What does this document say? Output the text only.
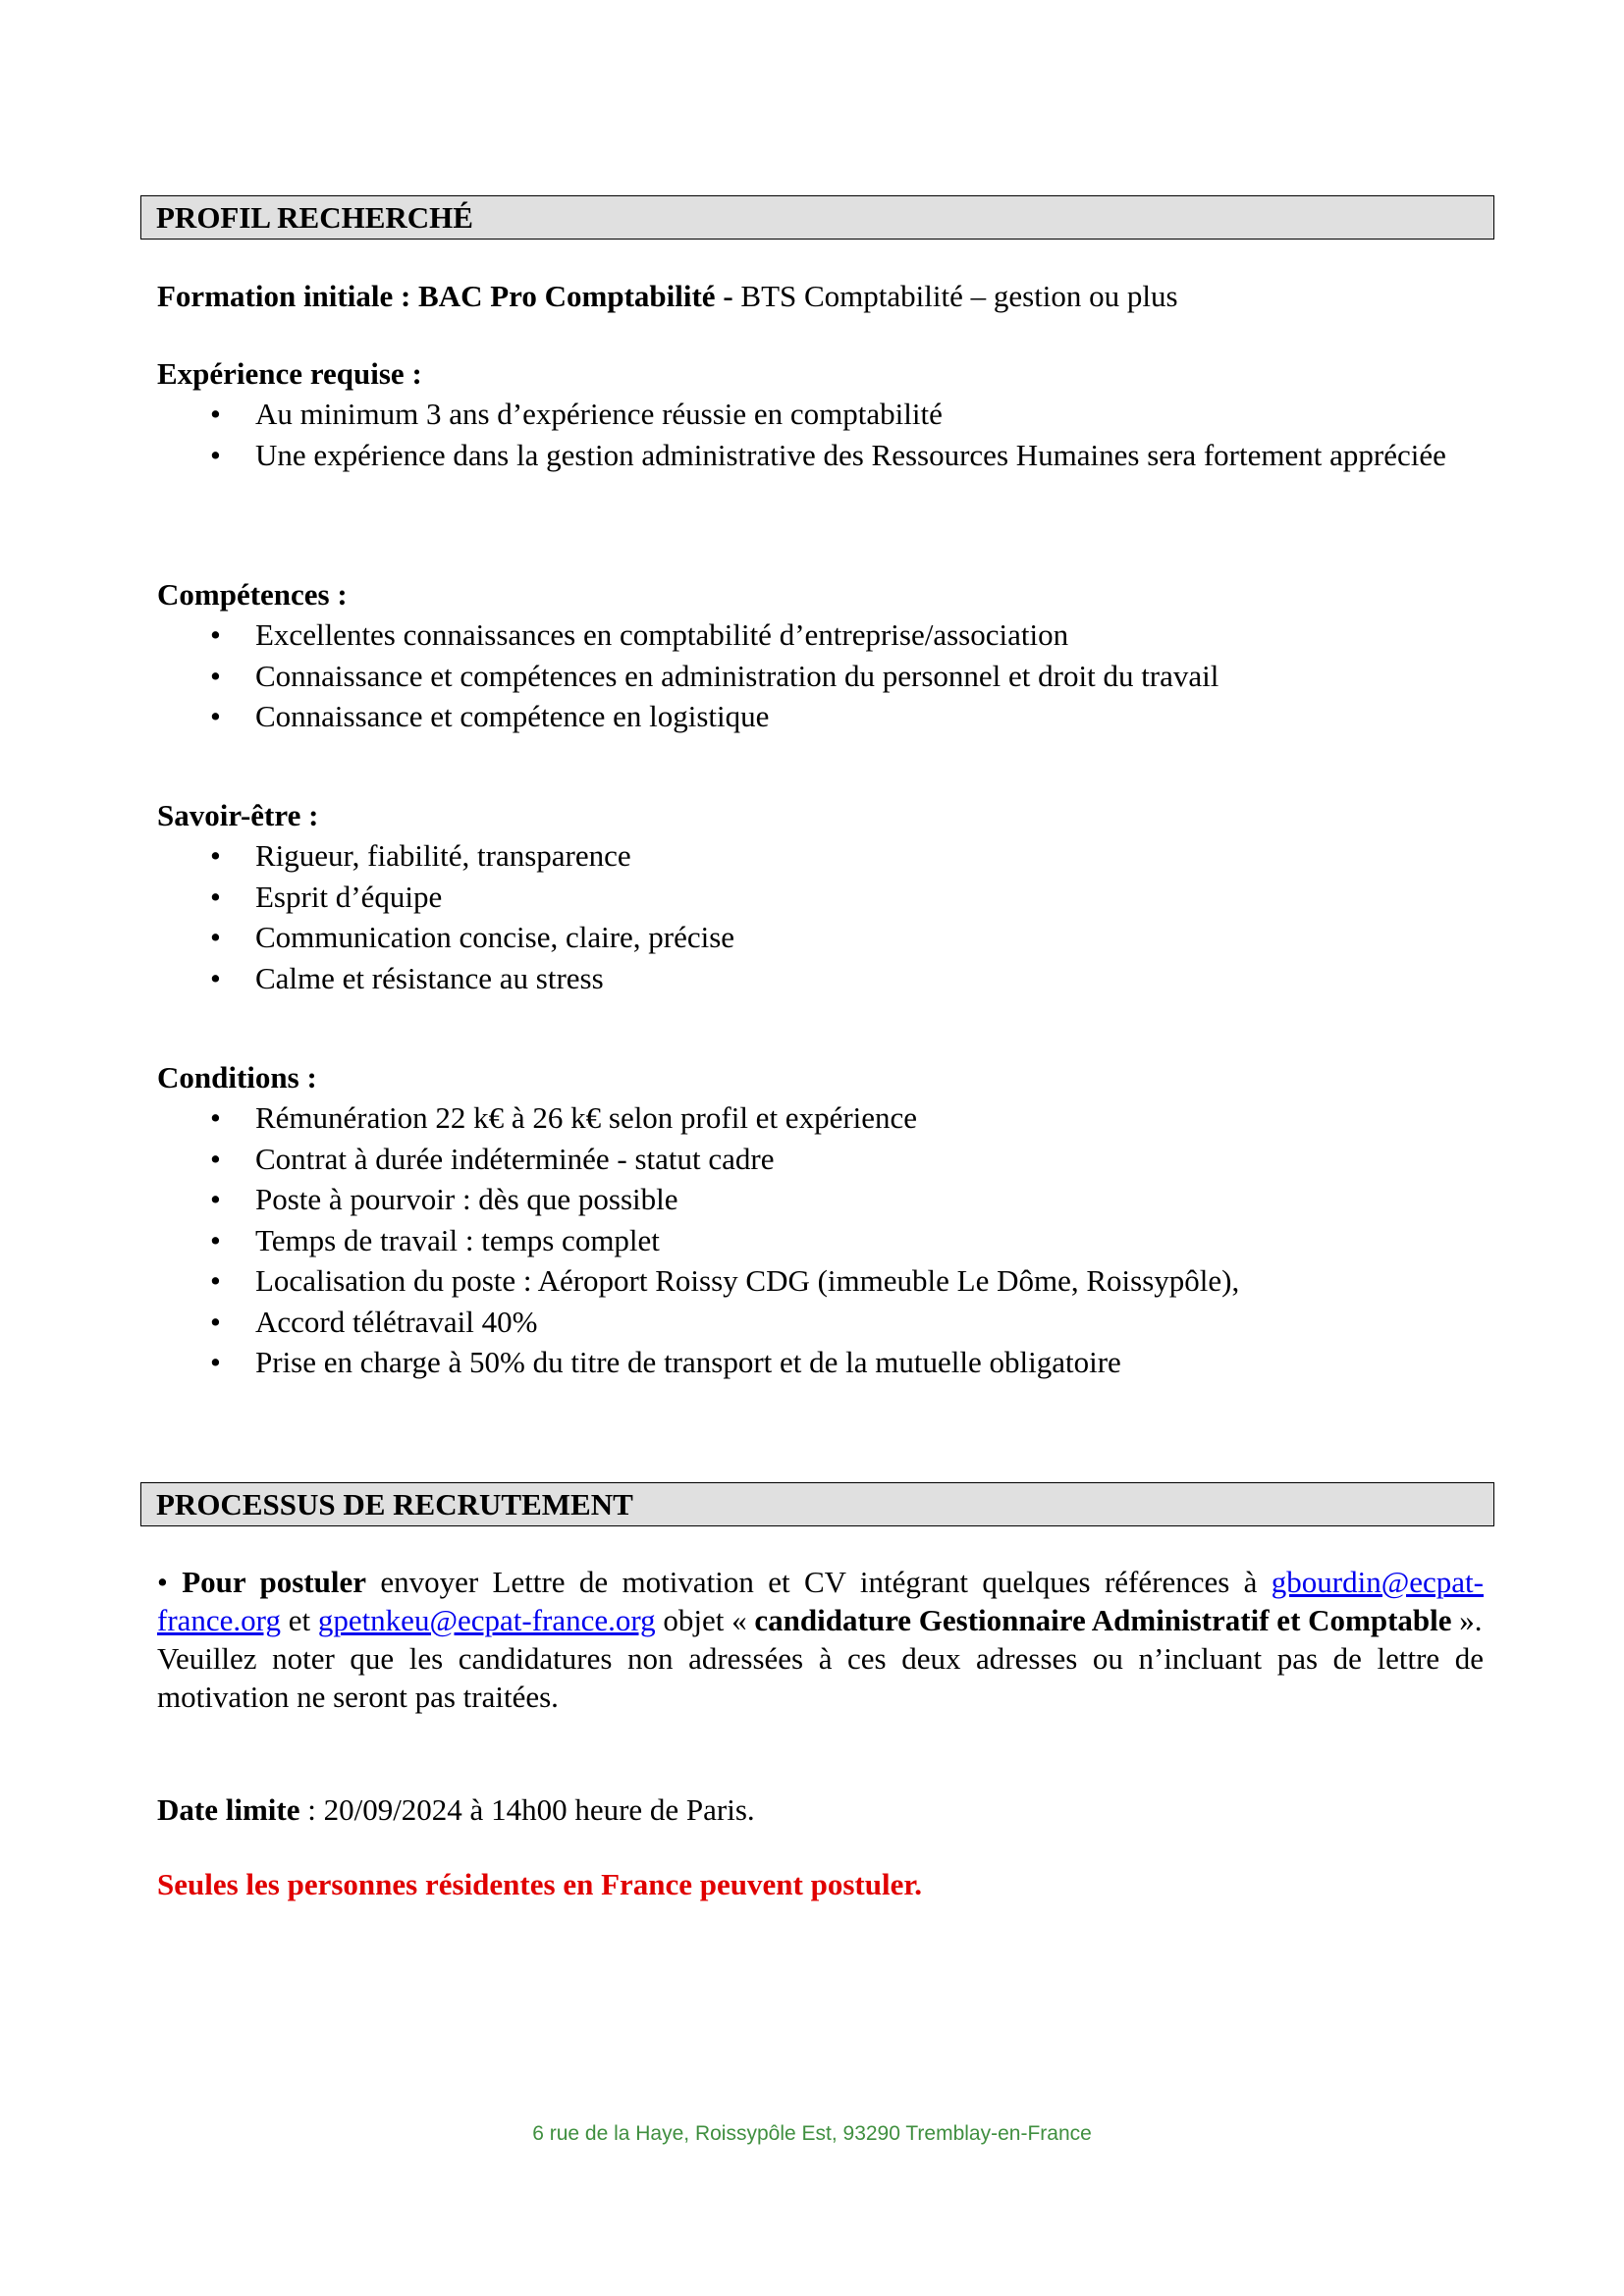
PROFIL RECHERCHÉ
Formation initiale : BAC Pro Comptabilité - BTS Comptabilité – gestion ou plus
Expérience requise :
• Au minimum 3 ans d’expérience réussie en comptabilité
• Une expérience dans la gestion administrative des Ressources Humaines sera fortement appréciée
Compétences :
• Excellentes connaissances en comptabilité d’entreprise/association
• Connaissance et compétences en administration du personnel et droit du travail
• Connaissance et compétence en logistique
Savoir-être :
• Rigueur, fiabilité, transparence
• Esprit d’équipe
• Communication concise, claire, précise
• Calme et résistance au stress
Conditions :
• Rémunération 22 k€ à 26 k€ selon profil et expérience
• Contrat à durée indéterminée - statut cadre
• Poste à pourvoir : dès que possible
• Temps de travail : temps complet
• Localisation du poste : Aéroport Roissy CDG (immeuble Le Dôme, Roissypôle),
• Accord télétravail 40%
• Prise en charge à 50% du titre de transport et de la mutuelle obligatoire
PROCESSUS DE RECRUTEMENT
• Pour postuler envoyer Lettre de motivation et CV intégrant quelques références à gbourdin@ecpat-france.org et gpetnkeu@ecpat-france.org objet « candidature Gestionnaire Administratif et Comptable ».
Veuillez noter que les candidatures non adressées à ces deux adresses ou n’incluant pas de lettre de motivation ne seront pas traitées.
Date limite : 20/09/2024 à 14h00 heure de Paris.
Seules les personnes résidentes en France peuvent postuler.
6 rue de la Haye, Roissypôle Est, 93290 Tremblay-en-France
